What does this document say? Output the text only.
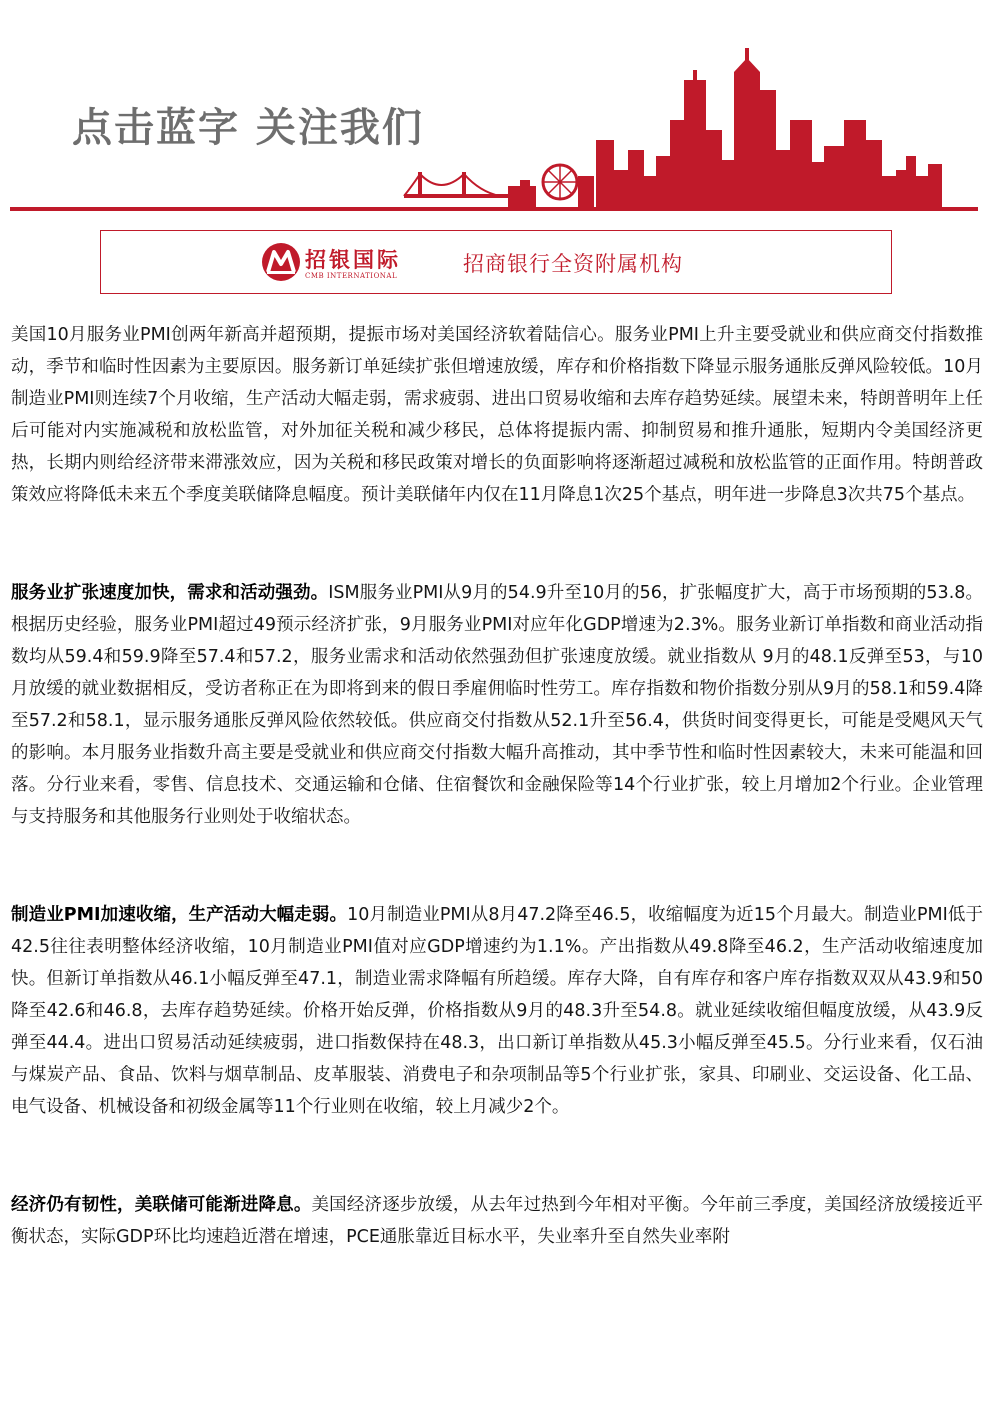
点击蓝字 关注我们
招银国际
CMB INTERNATIONAL	招商银行全资附属机构

美国10月服务业PMI创两年新高并超预期，提振市场对美国经济软着陆信心。服务业PMI上升主要受就业和供应商交付指数推动，季节和临时性因素为主要原因。服务新订单延续扩张但增速放缓，库存和价格指数下降显示服务通胀反弹风险较低。10月制造业PMI则连续7个月收缩，生产活动大幅走弱，需求疲弱、进出口贸易收缩和去库存趋势延续。展望未来，特朗普明年上任后可能对内实施减税和放松监管，对外加征关税和减少移民，总体将提振内需、抑制贸易和推升通胀，短期内令美国经济更热，长期内则给经济带来滞涨效应，因为关税和移民政策对增长的负面影响将逐渐超过减税和放松监管的正面作用。特朗普政策效应将降低未来五个季度美联储降息幅度。预计美联储年内仅在11月降息1次25个基点，明年进一步降息3次共75个基点。

服务业扩张速度加快，需求和活动强劲。ISM服务业PMI从9月的54.9升至10月的56，扩张幅度扩大，高于市场预期的53.8。根据历史经验，服务业PMI超过49预示经济扩张，9月服务业PMI对应年化GDP增速为2.3%。服务业新订单指数和商业活动指数均从59.4和59.9降至57.4和57.2，服务业需求和活动依然强劲但扩张速度放缓。就业指数从 9月的48.1反弹至53，与10月放缓的就业数据相反，受访者称正在为即将到来的假日季雇佣临时性劳工。库存指数和物价指数分别从9月的58.1和59.4降至57.2和58.1，显示服务通胀反弹风险依然较低。供应商交付指数从52.1升至56.4，供货时间变得更长，可能是受飓风天气的影响。本月服务业指数升高主要是受就业和供应商交付指数大幅升高推动，其中季节性和临时性因素较大，未来可能温和回落。分行业来看，零售、信息技术、交通运输和仓储、住宿餐饮和金融保险等14个行业扩张，较上月增加2个行业。企业管理与支持服务和其他服务行业则处于收缩状态。

制造业PMI加速收缩，生产活动大幅走弱。10月制造业PMI从8月47.2降至46.5，收缩幅度为近15个月最大。制造业PMI低于42.5往往表明整体经济收缩，10月制造业PMI值对应GDP增速约为1.1%。产出指数从49.8降至46.2，生产活动收缩速度加快。但新订单指数从46.1小幅反弹至47.1，制造业需求降幅有所趋缓。库存大降，自有库存和客户库存指数双双从43.9和50降至42.6和46.8，去库存趋势延续。价格开始反弹，价格指数从9月的48.3升至54.8。就业延续收缩但幅度放缓，从43.9反弹至44.4。进出口贸易活动延续疲弱，进口指数保持在48.3，出口新订单指数从45.3小幅反弹至45.5。分行业来看，仅石油与煤炭产品、食品、饮料与烟草制品、皮革服装、消费电子和杂项制品等5个行业扩张，家具、印刷业、交运设备、化工品、电气设备、机械设备和初级金属等11个行业则在收缩，较上月减少2个。

经济仍有韧性，美联储可能渐进降息。美国经济逐步放缓，从去年过热到今年相对平衡。今年前三季度，美国经济放缓接近平衡状态，实际GDP环比均速趋近潜在增速，PCE通胀靠近目标水平，失业率升至自然失业率附
